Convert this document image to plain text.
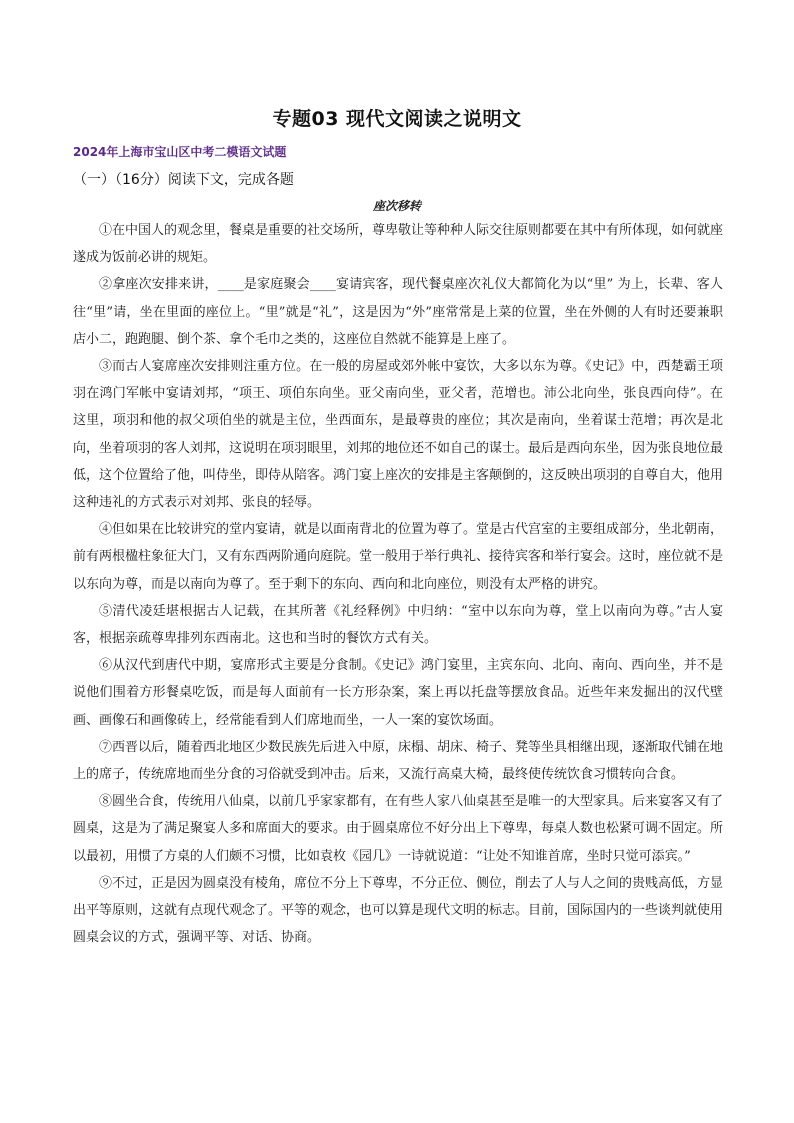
专题03 现代文阅读之说明文
2024年上海市宝山区中考二模语文试题
（一）（16分）阅读下文，完成各题
座次移转

①在中国人的观念里，餐桌是重要的社交场所，尊卑敬让等种种人际交往原则都要在其中有所体现，如何就座遂成为饭前必讲的规矩。

②拿座次安排来讲，____是家庭聚会____宴请宾客，现代餐桌座次礼仪大都简化为以“里” 为上，长辈、客人往“里”请，坐在里面的座位上。“里”就是“礼”，这是因为“外”座常常是上菜的位置，坐在外侧的人有时还要兼职店小二，跑跑腿、倒个茶、拿个毛巾之类的，这座位自然就不能算是上座了。

③而古人宴席座次安排则注重方位。在一般的房屋或郊外帐中宴饮，大多以东为尊。《史记》中，西楚霸王项羽在鸿门军帐中宴请刘邦，“项王、项伯东向坐。亚父南向坐，亚父者，范增也。沛公北向坐，张良西向侍”。在这里，项羽和他的叔父项伯坐的就是主位，坐西面东，是最尊贵的座位；其次是南向，坐着谋士范增；再次是北向，坐着项羽的客人刘邦，这说明在项羽眼里，刘邦的地位还不如自己的谋士。最后是西向东坐，因为张良地位最低，这个位置给了他，叫侍坐，即侍从陪客。鸿门宴上座次的安排是主客颠倒的，这反映出项羽的自尊自大，他用这种违礼的方式表示对刘邦、张良的轻辱。

④但如果在比较讲究的堂内宴请，就是以面南背北的位置为尊了。堂是古代宫室的主要组成部分，坐北朝南，前有两根楹柱象征大门，又有东西两阶通向庭院。堂一般用于举行典礼、接待宾客和举行宴会。这时，座位就不是以东向为尊，而是以南向为尊了。至于剩下的东向、西向和北向座位，则没有太严格的讲究。

⑤清代凌廷堪根据古人记载，在其所著《礼经释例》中归纳：“室中以东向为尊，堂上以南向为尊。”古人宴客，根据亲疏尊卑排列东西南北。这也和当时的餐饮方式有关。

⑥从汉代到唐代中期，宴席形式主要是分食制。《史记》鸿门宴里，主宾东向、北向、南向、西向坐，并不是说他们围着方形餐桌吃饭，而是每人面前有一长方形杂案，案上再以托盘等摆放食品。近些年来发掘出的汉代壁画、画像石和画像砖上，经常能看到人们席地而坐，一人一案的宴饮场面。

⑦西晋以后，随着西北地区少数民族先后进入中原，床榻、胡床、椅子、凳等坐具相继出现，逐渐取代铺在地上的席子，传统席地而坐分食的习俗就受到冲击。后来，又流行高桌大椅，最终使传统饮食习惯转向合食。

⑧圆坐合食，传统用八仙桌，以前几乎家家都有，在有些人家八仙桌甚至是唯一的大型家具。后来宴客又有了圆桌，这是为了满足聚宴人多和席面大的要求。由于圆桌席位不好分出上下尊卑，每桌人数也松紧可调不固定。所以最初，用惯了方桌的人们颇不习惯，比如袁枚《园几》一诗就说道：“让处不知谁首席，坐时只觉可添宾。”

⑨不过，正是因为圆桌没有棱角，席位不分上下尊卑，不分正位、侧位，削去了人与人之间的贵贱高低，方显出平等原则，这就有点现代观念了。平等的观念，也可以算是现代文明的标志。目前，国际国内的一些谈判就使用圆桌会议的方式，强调平等、对话、协商。
